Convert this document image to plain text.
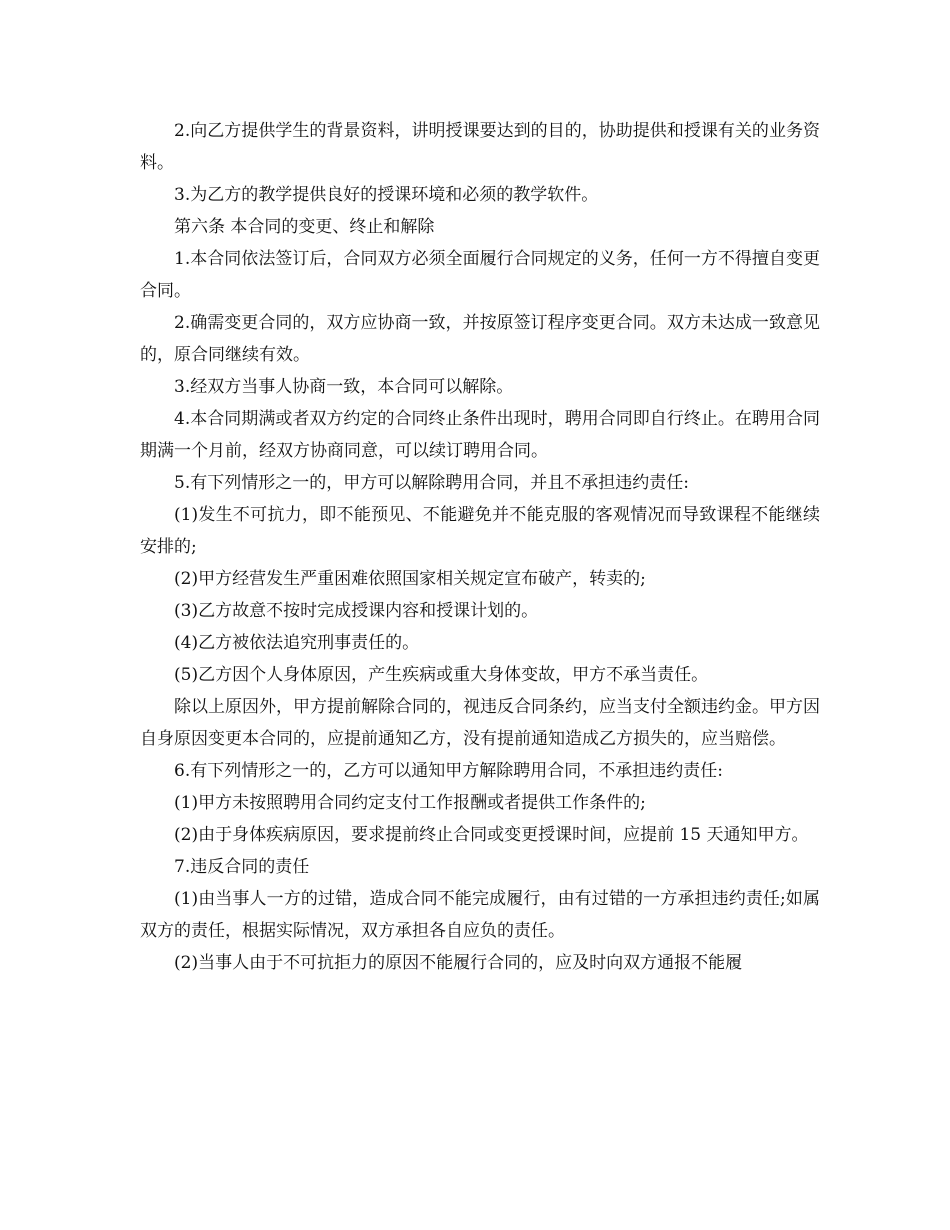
2.向乙方提供学生的背景资料，讲明授课要达到的目的，协助提供和授课有关的业务资料。

3.为乙方的教学提供良好的授课环境和必须的教学软件。

第六条 本合同的变更、终止和解除

1.本合同依法签订后，合同双方必须全面履行合同规定的义务，任何一方不得擅自变更合同。

2.确需变更合同的，双方应协商一致，并按原签订程序变更合同。双方未达成一致意见的，原合同继续有效。

3.经双方当事人协商一致，本合同可以解除。

4.本合同期满或者双方约定的合同终止条件出现时，聘用合同即自行终止。在聘用合同期满一个月前，经双方协商同意，可以续订聘用合同。

5.有下列情形之一的，甲方可以解除聘用合同，并且不承担违约责任:

(1)发生不可抗力，即不能预见、不能避免并不能克服的客观情况而导致课程不能继续安排的;

(2)甲方经营发生严重困难依照国家相关规定宣布破产，转卖的;

(3)乙方故意不按时完成授课内容和授课计划的。

(4)乙方被依法追究刑事责任的。

(5)乙方因个人身体原因，产生疾病或重大身体变故，甲方不承当责任。

除以上原因外，甲方提前解除合同的，视违反合同条约，应当支付全额违约金。甲方因自身原因变更本合同的，应提前通知乙方，没有提前通知造成乙方损失的，应当赔偿。

6.有下列情形之一的，乙方可以通知甲方解除聘用合同，不承担违约责任:

(1)甲方未按照聘用合同约定支付工作报酬或者提供工作条件的;

(2)由于身体疾病原因，要求提前终止合同或变更授课时间，应提前 15 天通知甲方。

7.违反合同的责任

(1)由当事人一方的过错，造成合同不能完成履行，由有过错的一方承担违约责任;如属双方的责任，根据实际情况，双方承担各自应负的责任。

(2)当事人由于不可抗拒力的原因不能履行合同的，应及时向双方通报不能履
